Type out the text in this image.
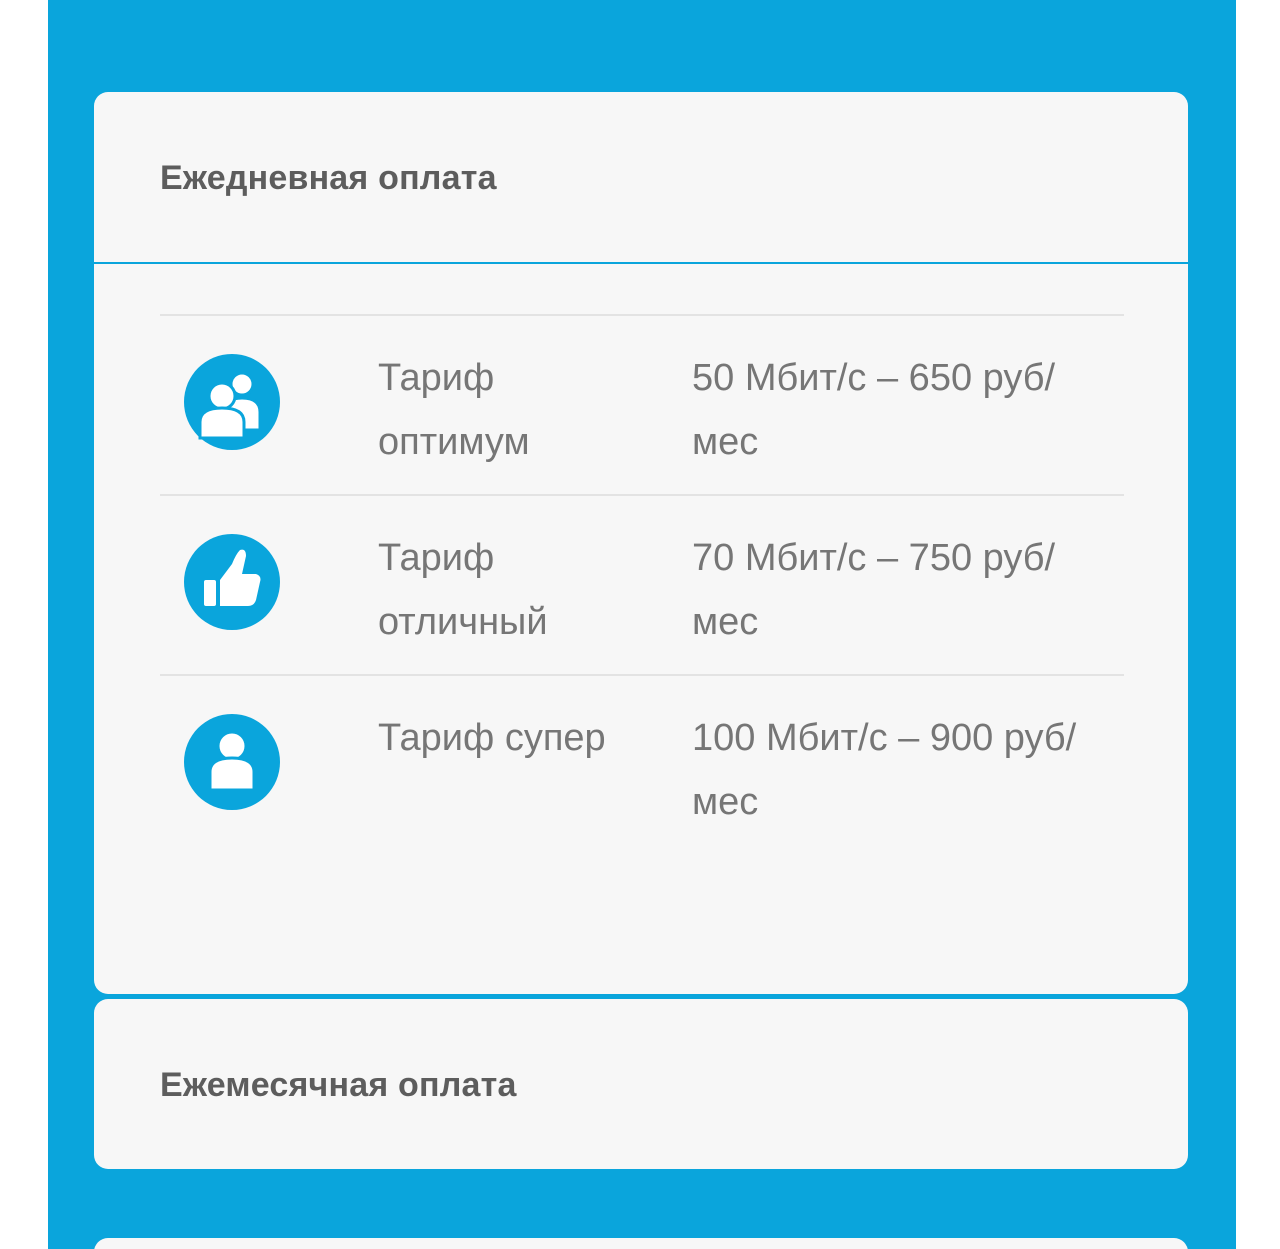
Ежедневная оплата
Тариф оптимум
50 Мбит/с – 650 руб/мес
Тариф отличный
70 Мбит/с – 750 руб/мес
Тариф супер	100 Мбит/с – 900 руб/мес
Ежемесячная оплата
